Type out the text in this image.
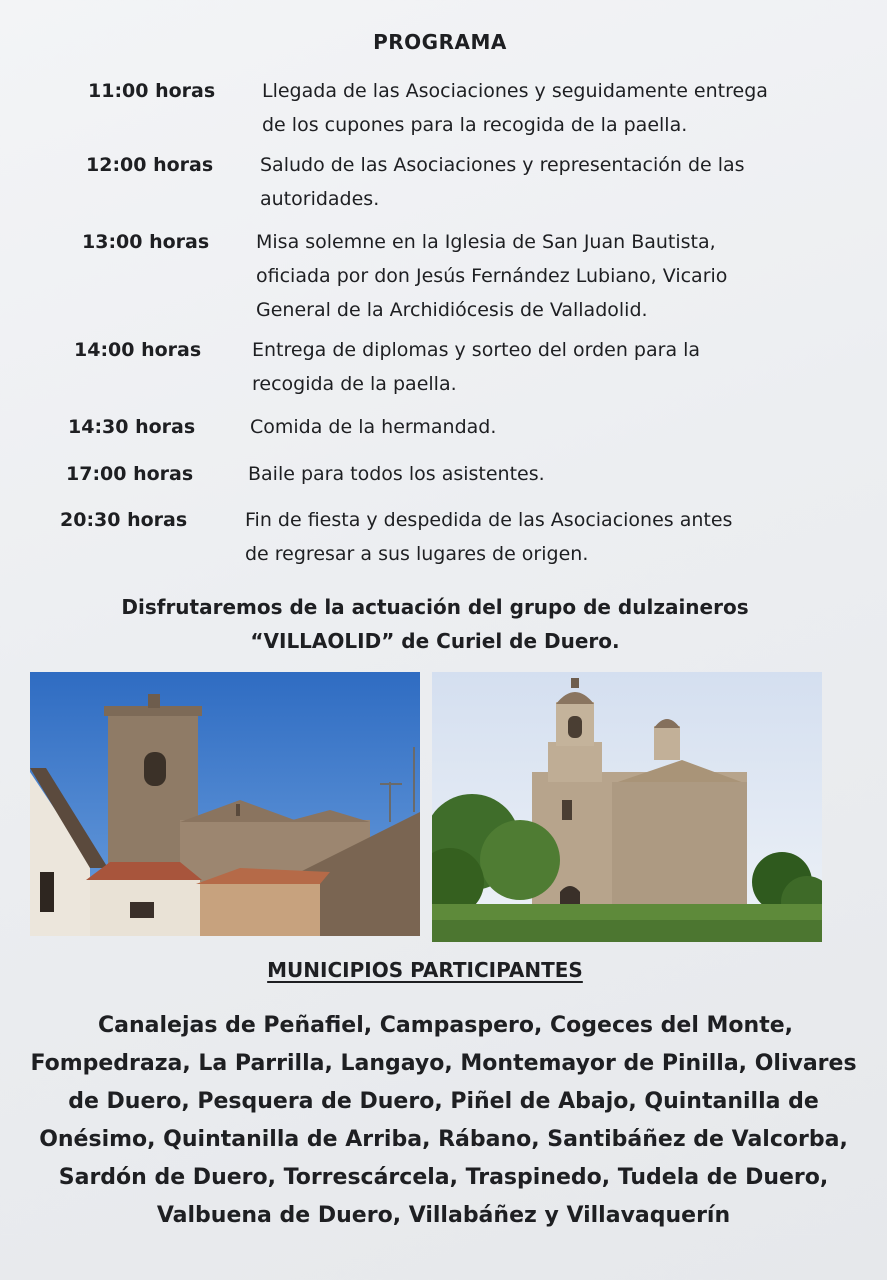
PROGRAMA
11:00 horas Llegada de las Asociaciones y seguidamente entrega
de los cupones para la recogida de la paella.
12:00 horas Saludo de las Asociaciones y representación de las
autoridades.
13:00 horas Misa solemne en la Iglesia de San Juan Bautista,
oficiada por don Jesús Fernández Lubiano, Vicario
General de la Archidiócesis de Valladolid.
14:00 horas	Entrega de diplomas y sorteo del orden para la
recogida de la paella.
14:30 horas	Comida de la hermandad.
17:00 horas	Baile para todos los asistentes.
20:30 horas	Fin de fiesta y despedida de las Asociaciones antes
de regresar a sus lugares de origen.
Disfrutaremos de la actuación del grupo de dulzaineros
“VILLAOLID” de Curiel de Duero.
MUNICIPIOS PARTICIPANTES
Canalejas de Peñafiel, Campaspero, Cogeces del Monte,
Fompedraza, La Parrilla, Langayo, Montemayor de Pinilla, Olivares
de Duero, Pesquera de Duero, Piñel de Abajo, Quintanilla de
Onésimo, Quintanilla de Arriba, Rábano, Santibáñez de Valcorba,
Sardón de Duero, Torrescárcela, Traspinedo, Tudela de Duero,
Valbuena de Duero, Villabáñez y Villavaquerín
